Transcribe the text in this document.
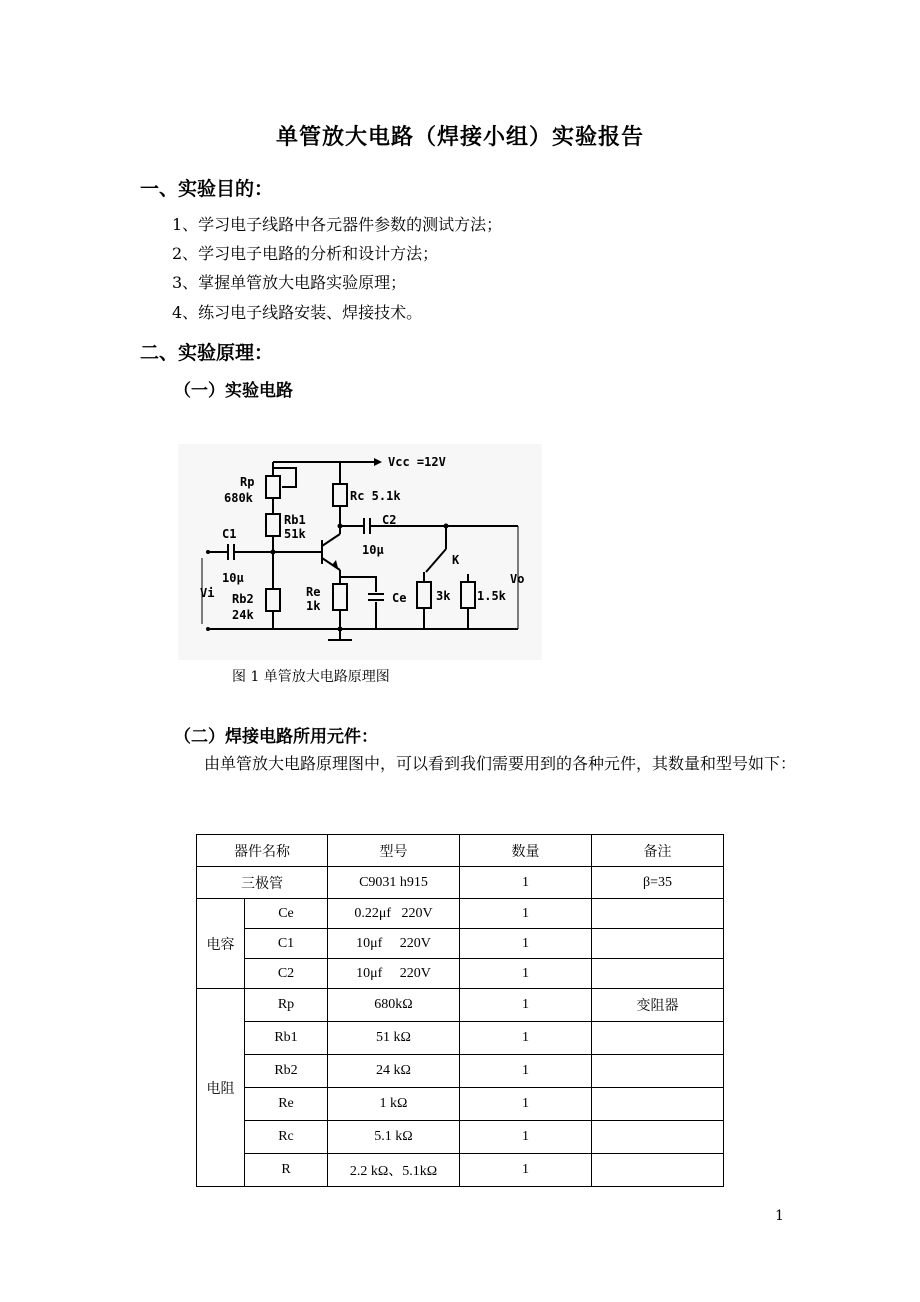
单管放大电路（焊接小组）实验报告
一、实验目的：
1、学习电子线路中各元器件参数的测试方法；
2、学习电子电路的分析和设计方法；
3、掌握单管放大电路实验原理；
4、练习电子线路安装、焊接技术。
二、实验原理：
（一）实验电路
Vcc =12V
Rp
680k	Rc 5.1k
Rb1
51k
C1
10μ
C2
10μ
Vi Rb2
24k
Re
1k
Ce
K
3k 1.5k
Vo
图 1 单管放大电路原理图
（二）焊接电路所用元件：
由单管放大电路原理图中，可以看到我们需要用到的各种元件，其数量和型号如下：
器件名称		型号	数量	备注
三极管		C9031 h915	1	β=35
电容	Ce	0.22μf   220V	1	
	C1	10μf     220V	1	
	C2	10μf     220V	1	
电阻	Rp	680kΩ	1	变阻器
	Rb1	51 kΩ	1	
	Rb2	24 kΩ	1	
	Re	1 kΩ	1	
	Rc	5.1 kΩ	1	
	R	2.2 kΩ、5.1kΩ	1	
1
